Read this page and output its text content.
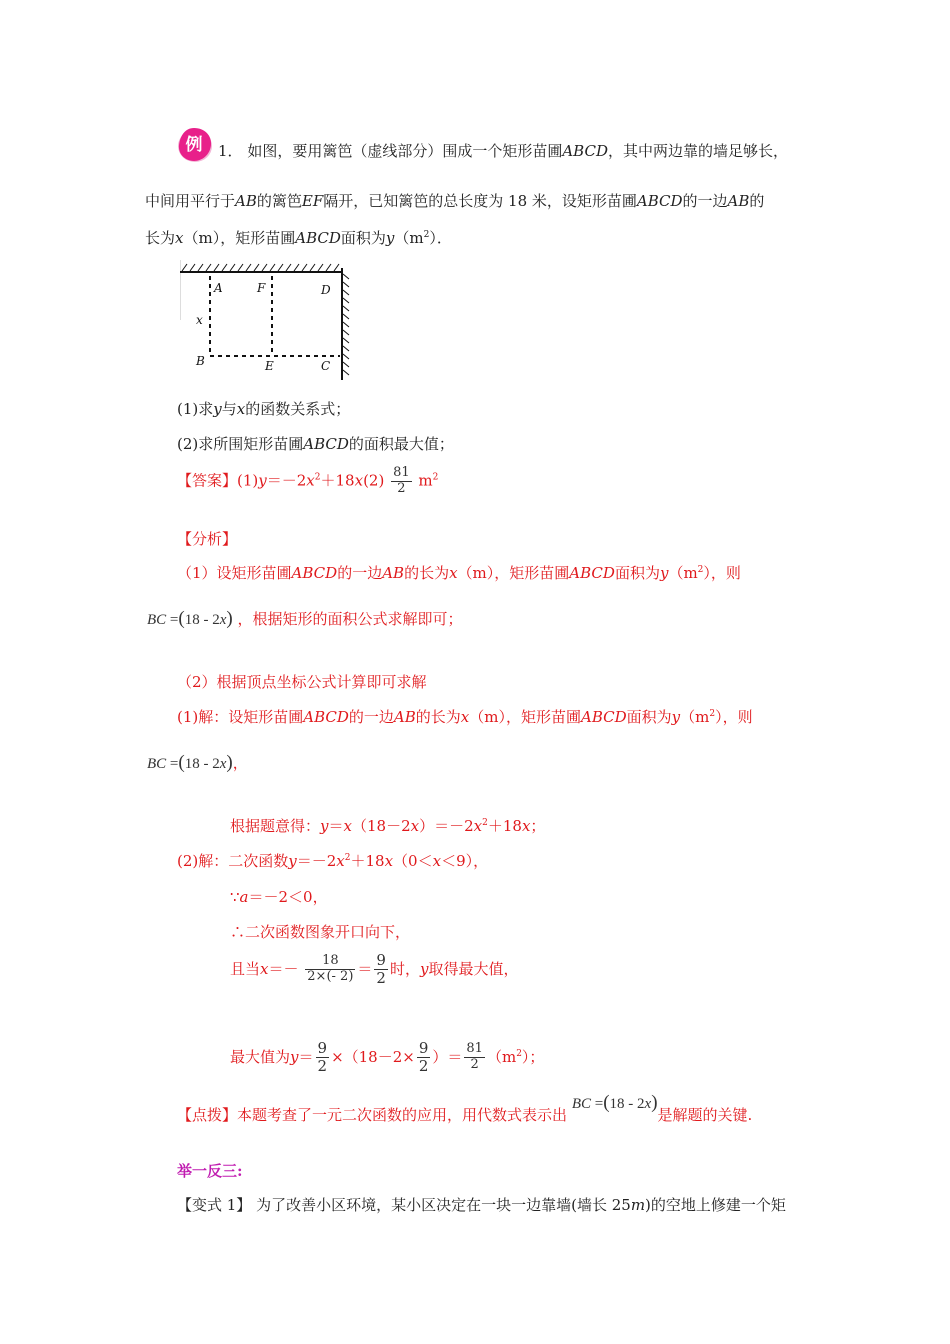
例 1． 如图，要用篱笆（虚线部分）围成一个矩形苗圃ABCD，其中两边靠的墙足够长，
中间用平行于AB的篱笆EF隔开，已知篱笆的总长度为 18 米，设矩形苗圃ABCD的一边AB的
长为x（m），矩形苗圃ABCD面积为$y(m^2)$．
A	F	D
x
B	E	C
(1)求y与x的函数关系式；
(2)求所围矩形苗圃ABCD的面积最大值；
【答案】$(1)y=-2x^2+18x(2) \frac{81}{2} m^2$
【分析】
（1）设矩形苗圃ABCD的一边AB的长为x（m），矩形苗圃ABCD面积为$y(m^2)$，则
BC =(18 - 2x) ，根据矩形的面积公式求解即可；
（2）根据顶点坐标公式计算即可求解
(1)解：设矩形苗圃ABCD的一边AB的长为x（m），矩形苗圃ABCD面积为$y(m^2)$，则
BC =(18 - 2x)，
根据题意得：$y=x(18-2x)=-2x^2+18x$；
(2)解：二次函数$y=-2x^2+18x(0<x<9)$，
∵a＝－2＜0，
∴二次函数图象开口向下，
且当$x=- \frac{18}{2\times(- 2)} = \frac{9}{2}$ 时，y取得最大值，
最大值为$y= \frac{9}{2} \times(18-2\times \frac{9}{2}$ ）＝ $\frac{81}{2} (m^2)$；
【点拨】本题考查了一元二次函数的应用，用代数式表示出 BC =(18 - 2x)是解题的关键.
举一反三:
【变式 1】 为了改善小区环境，某小区决定在一块一边靠墙(墙长 25m)的空地上修建一个矩
